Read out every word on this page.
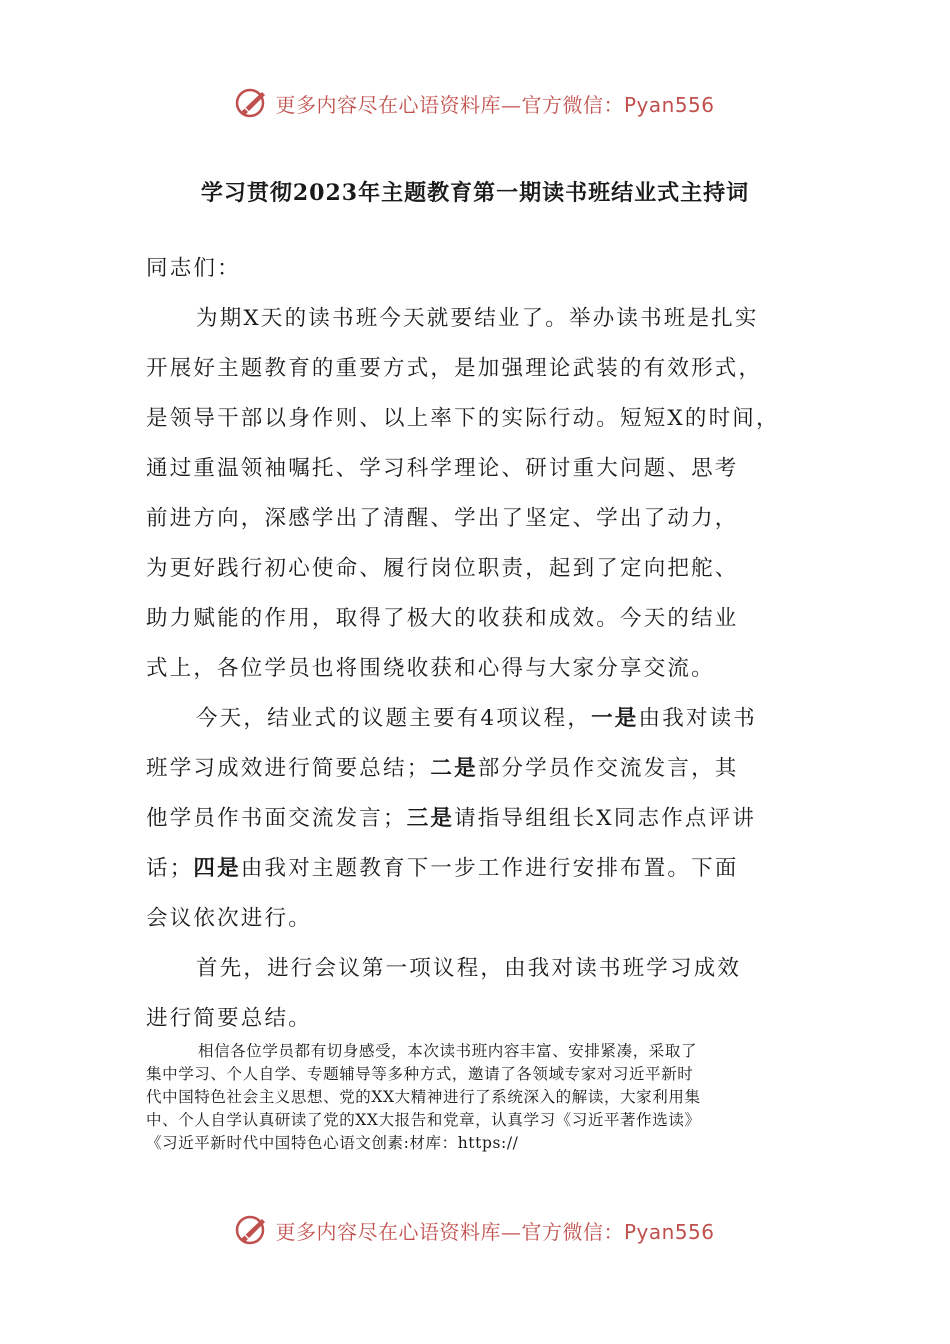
更多内容尽在心语资料库—官方微信：Pyan556
学习贯彻2023年主题教育第一期读书班结业式主持词

同志们：

为期X天的读书班今天就要结业了。举办读书班是扎实

开展好主题教育的重要方式，是加强理论武装的有效形式，

是领导干部以身作则、以上率下的实际行动。短短X的时间，

通过重温领袖嘱托、学习科学理论、研讨重大问题、思考

前进方向，深感学出了清醒、学出了坚定、学出了动力，

为更好践行初心使命、履行岗位职责，起到了定向把舵、

助力赋能的作用，取得了极大的收获和成效。今天的结业

式上，各位学员也将围绕收获和心得与大家分享交流。

今天，结业式的议题主要有4项议程，一是由我对读书

班学习成效进行简要总结；二是部分学员作交流发言，其

他学员作书面交流发言；三是请指导组组长X同志作点评讲

话；四是由我对主题教育下一步工作进行安排布置。下面

会议依次进行。

首先，进行会议第一项议程，由我对读书班学习成效

进行简要总结。

相信各位学员都有切身感受，本次读书班内容丰富、安排紧凑，采取了

集中学习、个人自学、专题辅导等多种方式，邀请了各领域专家对习近平新时

代中国特色社会主义思想、党的XX大精神进行了系统深入的解读，大家利用集

中、个人自学认真研读了党的XX大报告和党章，认真学习《习近平著作选读》

《习近平新时代中国特色心语文创素:材库：https://

更多内容尽在心语资料库—官方微信：Pyan556
